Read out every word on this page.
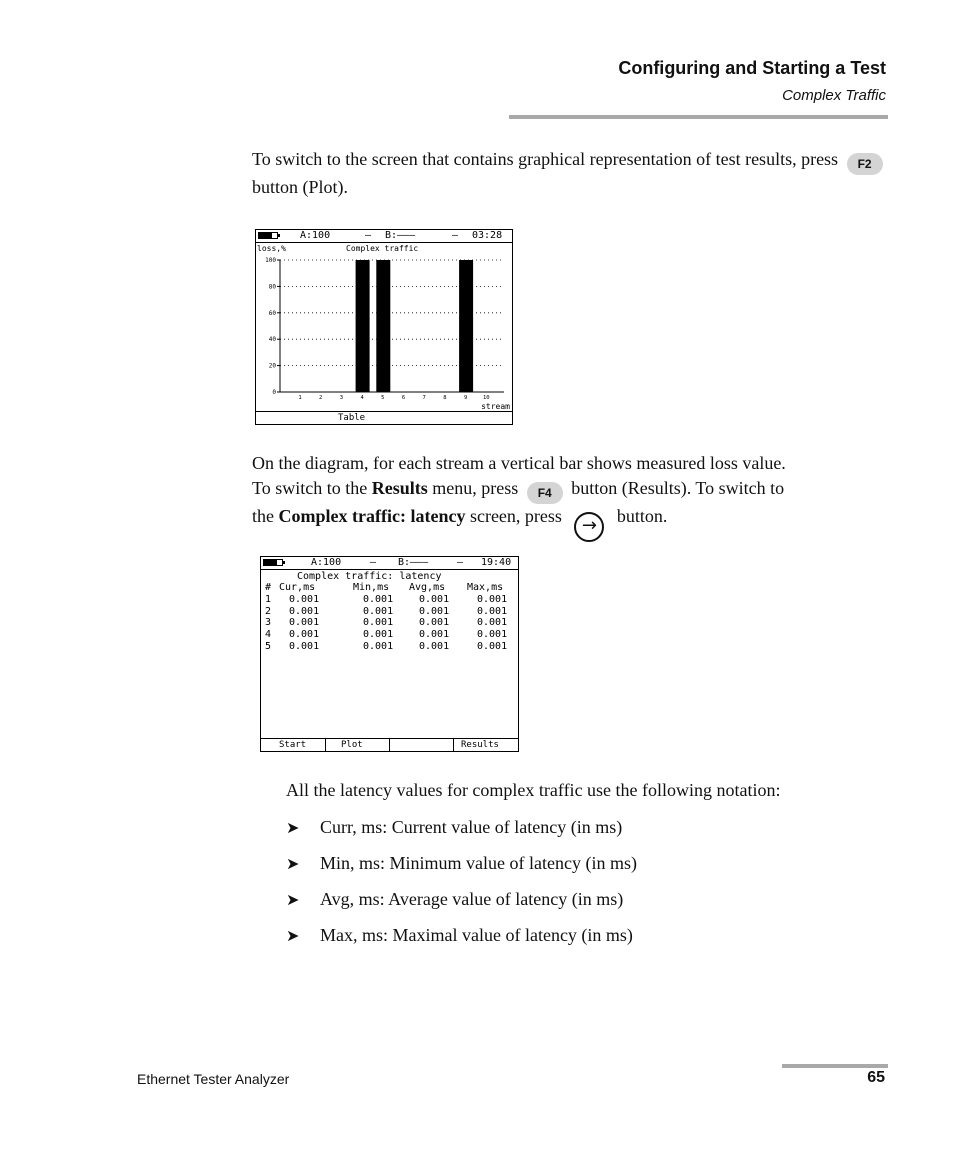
Configuring and Starting a Test
Complex Traffic
To switch to the screen that contains graphical representation of test results, press F2 button (Plot).
A:100	– B:———	– 03:28
loss,%	Complex traffic
0
20
40
60
80
100
1	2	3	4	5	6	7	8	9	10
stream
Table
On the diagram, for each stream a vertical bar shows measured loss value.
To switch to the Results menu, press F4 button (Results). To switch to
the Complex traffic: latency screen, press → button.
A:100	– B:———	– 19:40

Complex traffic: latency

# Cur,ms	Min,ms Avg,ms Max,ms
1 0.001	0.001	0.001	0.001
2 0.001	0.001	0.001	0.001
3 0.001	0.001	0.001	0.001
4 0.001	0.001	0.001	0.001
5 0.001	0.001	0.001	0.001

Start	Plot	Results
All the latency values for complex traffic use the following notation:
➤ Curr, ms: Current value of latency (in ms)
➤ Min, ms: Minimum value of latency (in ms)
➤ Avg, ms: Average value of latency (in ms)
➤ Max, ms: Maximal value of latency (in ms)
Ethernet Tester Analyzer	65
